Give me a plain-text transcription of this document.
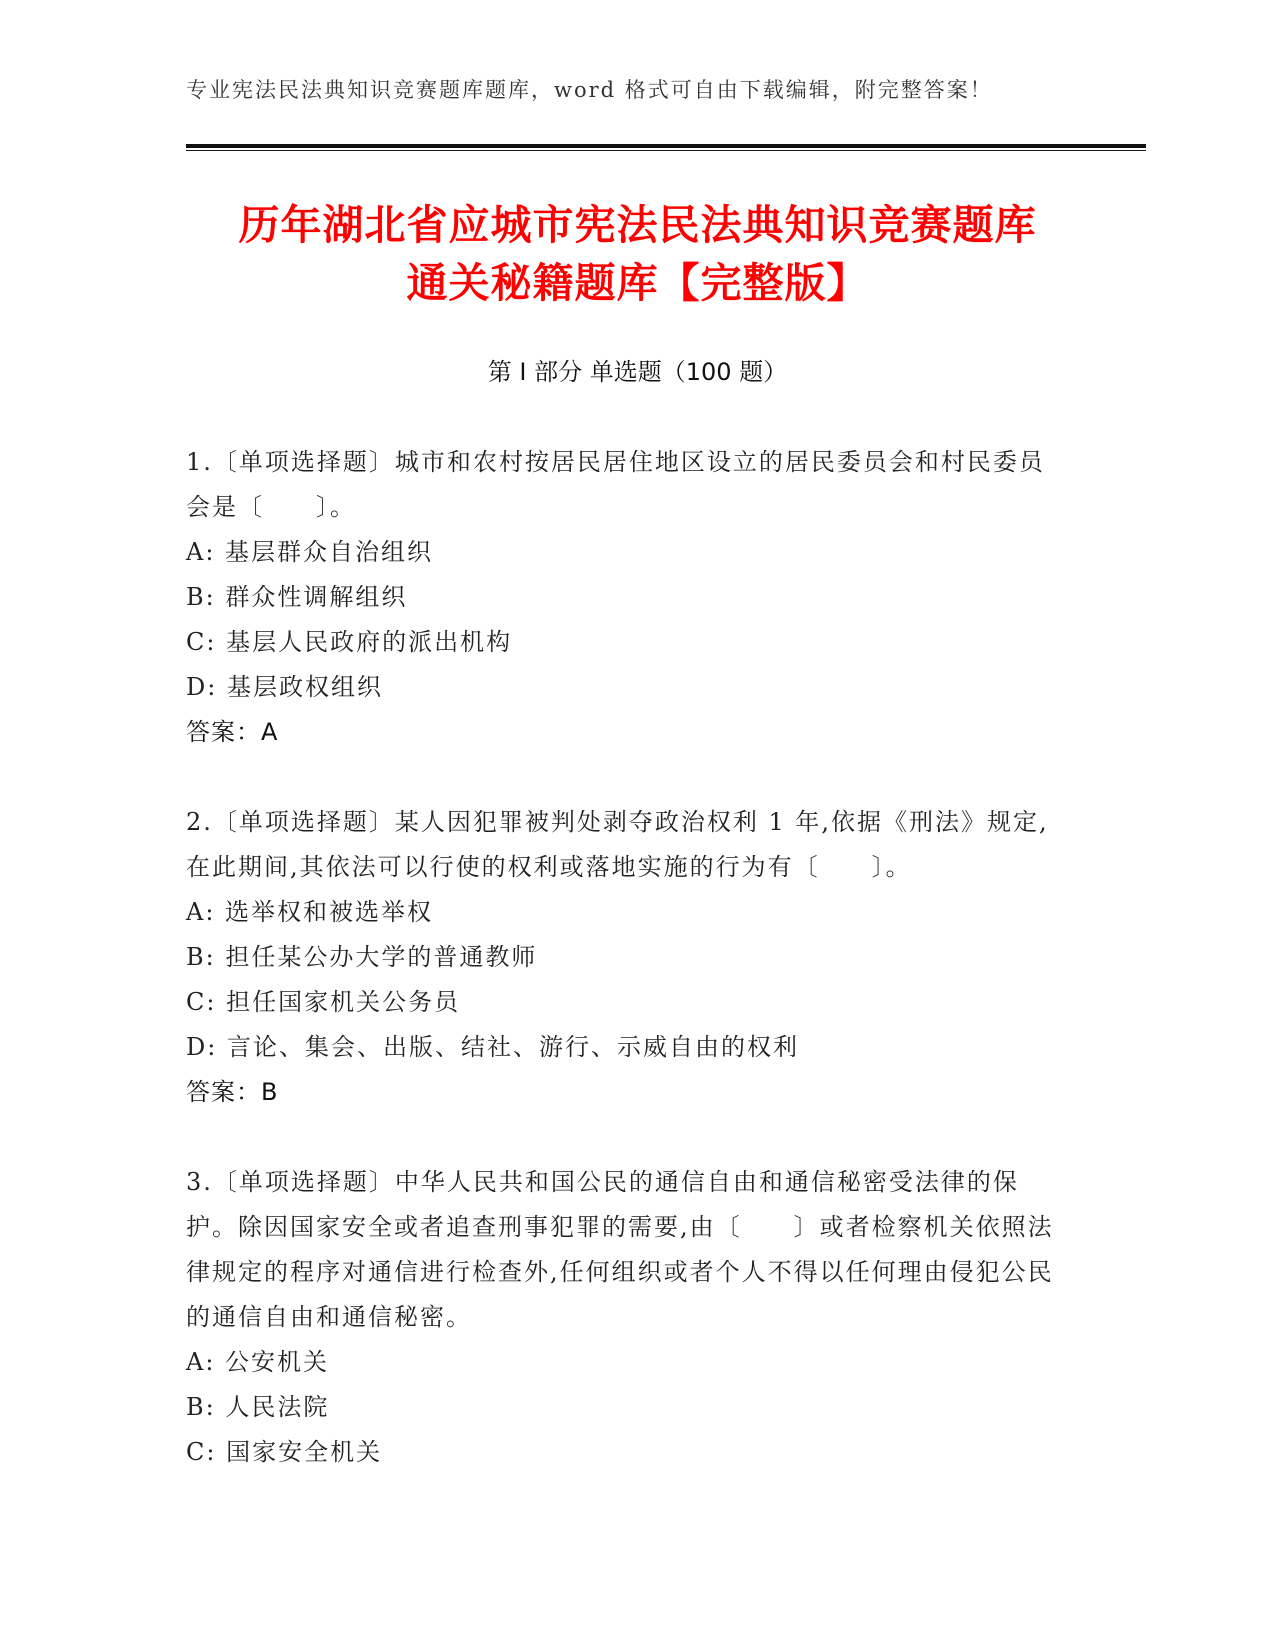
专业宪法民法典知识竞赛题库题库，word 格式可自由下载编辑，附完整答案！
历年湖北省应城市宪法民法典知识竞赛题库
通关秘籍题库【完整版】
第 I 部分 单选题（100 题）

1.〔单项选择题〕城市和农村按居民居住地区设立的居民委员会和村民委员会是〔　　〕。

A: 基层群众自治组织

B: 群众性调解组织

C: 基层人民政府的派出机构

D: 基层政权组织

答案：A

2.〔单项选择题〕某人因犯罪被判处剥夺政治权利 1 年,依据《刑法》规定,在此期间,其依法可以行使的权利或落地实施的行为有〔　　〕。

A: 选举权和被选举权

B: 担任某公办大学的普通教师

C: 担任国家机关公务员

D: 言论、集会、出版、结社、游行、示威自由的权利

答案：B

3.〔单项选择题〕中华人民共和国公民的通信自由和通信秘密受法律的保护。除因国家安全或者追查刑事犯罪的需要,由〔　　〕或者检察机关依照法律规定的程序对通信进行检查外,任何组织或者个人不得以任何理由侵犯公民的通信自由和通信秘密。

A: 公安机关

B: 人民法院

C: 国家安全机关
